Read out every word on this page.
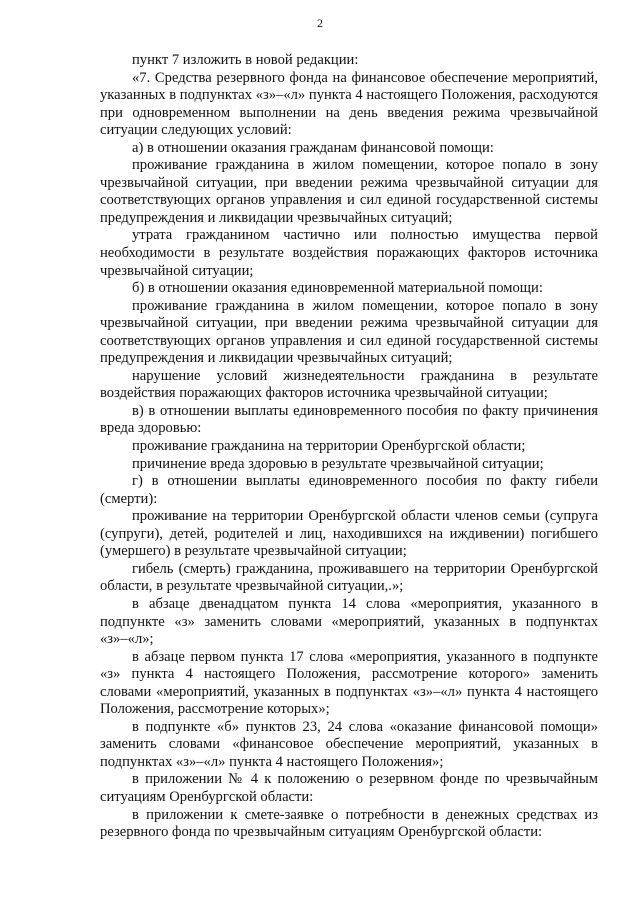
2

пункт 7 изложить в новой редакции:

«7. Средства резервного фонда на финансовое обеспечение мероприятий, указанных в подпунктах «з»–«л» пункта 4 настоящего Положения, расходуются при одновременном выполнении на день введения режима чрезвычайной ситуации следующих условий:

а) в отношении оказания гражданам финансовой помощи:

проживание гражданина в жилом помещении, которое попало в зону чрезвычайной ситуации, при введении режима чрезвычайной ситуации для соответствующих органов управления и сил единой государственной системы предупреждения и ликвидации чрезвычайных ситуаций;

утрата гражданином частично или полностью имущества первой необходимости в результате воздействия поражающих факторов источника чрезвычайной ситуации;

б) в отношении оказания единовременной материальной помощи:

проживание гражданина в жилом помещении, которое попало в зону чрезвычайной ситуации, при введении режима чрезвычайной ситуации для соответствующих органов управления и сил единой государственной системы предупреждения и ликвидации чрезвычайных ситуаций;

нарушение условий жизнедеятельности гражданина в результате воздействия поражающих факторов источника чрезвычайной ситуации;

в) в отношении выплаты единовременного пособия по факту причинения вреда здоровью:

проживание гражданина на территории Оренбургской области;

причинение вреда здоровью в результате чрезвычайной ситуации;

г) в отношении выплаты единовременного пособия по факту гибели (смерти):

проживание на территории Оренбургской области членов семьи (супруга (супруги), детей, родителей и лиц, находившихся на иждивении) погибшего (умершего) в результате чрезвычайной ситуации;

гибель (смерть) гражданина, проживавшего на территории Оренбургской области, в результате чрезвычайной ситуации,.»;

в абзаце двенадцатом пункта 14 слова «мероприятия, указанного в подпункте «з» заменить словами «мероприятий, указанных в подпунктах «з»–«л»;

в абзаце первом пункта 17 слова «мероприятия, указанного в подпункте «з» пункта 4 настоящего Положения, рассмотрение которого» заменить словами «мероприятий, указанных в подпунктах «з»–«л» пункта 4 настоящего Положения, рассмотрение которых»;

в подпункте «б» пунктов 23, 24 слова «оказание финансовой помощи» заменить словами «финансовое обеспечение мероприятий, указанных в подпунктах «з»–«л» пункта 4 настоящего Положения»;

в приложении № 4 к положению о резервном фонде по чрезвычайным ситуациям Оренбургской области:

в приложении к смете-заявке о потребности в денежных средствах из резервного фонда по чрезвычайным ситуациям Оренбургской области:
